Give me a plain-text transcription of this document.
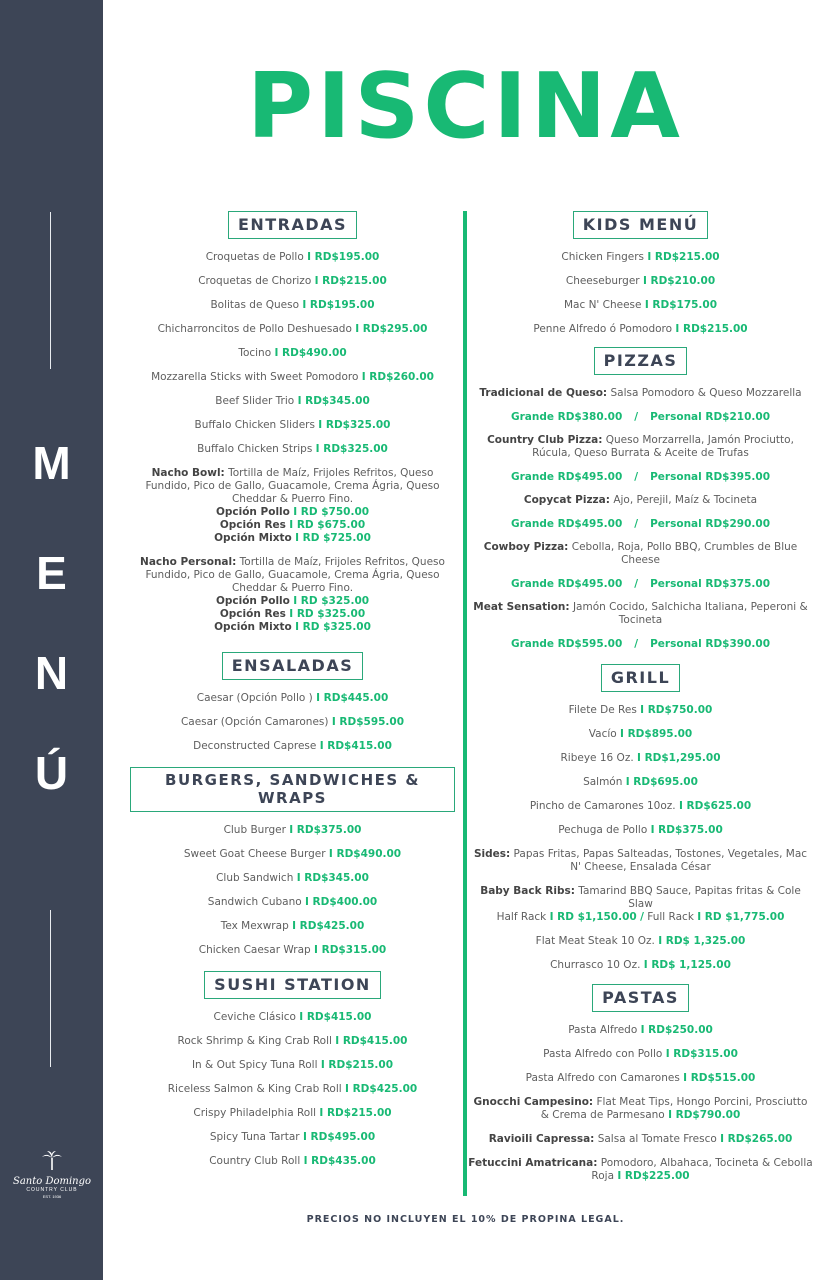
M
E
N
Ú
Santo Domingo
COUNTRY CLUB
EST. 1936
PISCINA
ENTRADAS
Croquetas de Pollo I RD$195.00
Croquetas de Chorizo I RD$215.00
Bolitas de Queso I RD$195.00
Chicharroncitos de Pollo Deshuesado I RD$295.00
Tocino I RD$490.00
Mozzarella Sticks with Sweet Pomodoro I RD$260.00
Beef Slider Trio I RD$345.00
Buffalo Chicken Sliders I RD$325.00
Buffalo Chicken Strips I RD$325.00
Nacho Bowl: Tortilla de Maíz, Frijoles Refritos, Queso Fundido, Pico de Gallo, Guacamole, Crema Ágria, Queso Cheddar & Puerro Fino.
Opción Pollo I RD $750.00
Opción Res I RD $675.00
Opción Mixto I RD $725.00
Nacho Personal: Tortilla de Maíz, Frijoles Refritos, Queso Fundido, Pico de Gallo, Guacamole, Crema Ágria, Queso Cheddar & Puerro Fino.
Opción Pollo I RD $325.00
Opción Res I RD $325.00
Opción Mixto I RD $325.00
ENSALADAS
Caesar (Opción Pollo ) I RD$445.00
Caesar (Opción Camarones) I RD$595.00
Deconstructed Caprese I RD$415.00
BURGERS, SANDWICHES & WRAPS
Club Burger I RD$375.00
Sweet Goat Cheese Burger I RD$490.00
Club Sandwich I RD$345.00
Sandwich Cubano I RD$400.00
Tex Mexwrap I RD$425.00
Chicken Caesar Wrap I RD$315.00
SUSHI STATION
Ceviche Clásico I RD$415.00
Rock Shrimp & King Crab Roll I RD$415.00
In & Out Spicy Tuna Roll I RD$215.00
Riceless Salmon & King Crab Roll I RD$425.00
Crispy Philadelphia Roll I RD$215.00
Spicy Tuna Tartar I RD$495.00
Country Club Roll I RD$435.00
KIDS MENÚ
Chicken Fingers I RD$215.00
Cheeseburger I RD$210.00
Mac N' Cheese I RD$175.00
Penne Alfredo ó Pomodoro I RD$215.00
PIZZAS
Tradicional de Queso: Salsa Pomodoro & Queso Mozzarella
Grande RD$380.00 / Personal RD$210.00
Country Club Pizza: Queso Morzarrella, Jamón Prociutto, Rúcula, Queso Burrata & Aceite de Trufas
Grande RD$495.00 / Personal RD$395.00
Copycat Pizza: Ajo, Perejil, Maíz & Tocineta
Grande RD$495.00 / Personal RD$290.00
Cowboy Pizza: Cebolla, Roja, Pollo BBQ, Crumbles de Blue Cheese
Grande RD$495.00 / Personal RD$375.00
Meat Sensation: Jamón Cocido, Salchicha Italiana, Peperoni & Tocineta
Grande RD$595.00 / Personal RD$390.00
GRILL
Filete De Res I RD$750.00
Vacío I RD$895.00
Ribeye 16 Oz. I RD$1,295.00
Salmón I RD$695.00
Pincho de Camarones 10oz. I RD$625.00
Pechuga de Pollo I RD$375.00
Sides: Papas Fritas, Papas Salteadas, Tostones, Vegetales, Mac N' Cheese, Ensalada César
Baby Back Ribs: Tamarind BBQ Sauce, Papitas fritas & Cole Slaw
Half Rack I RD $1,150.00 / Full Rack I RD $1,775.00
Flat Meat Steak 10 Oz. I RD$ 1,325.00
Churrasco 10 Oz. I RD$ 1,125.00
PASTAS
Pasta Alfredo I RD$250.00
Pasta Alfredo con Pollo I RD$315.00
Pasta Alfredo con Camarones I RD$515.00
Gnocchi Campesino: Flat Meat Tips, Hongo Porcini, Prosciutto & Crema de Parmesano I RD$790.00
Ravioili Capressa: Salsa al Tomate Fresco I RD$265.00
Fetuccini Amatricana: Pomodoro, Albahaca, Tocineta & Cebolla Roja I RD$225.00
PRECIOS NO INCLUYEN EL 10% DE PROPINA LEGAL.
